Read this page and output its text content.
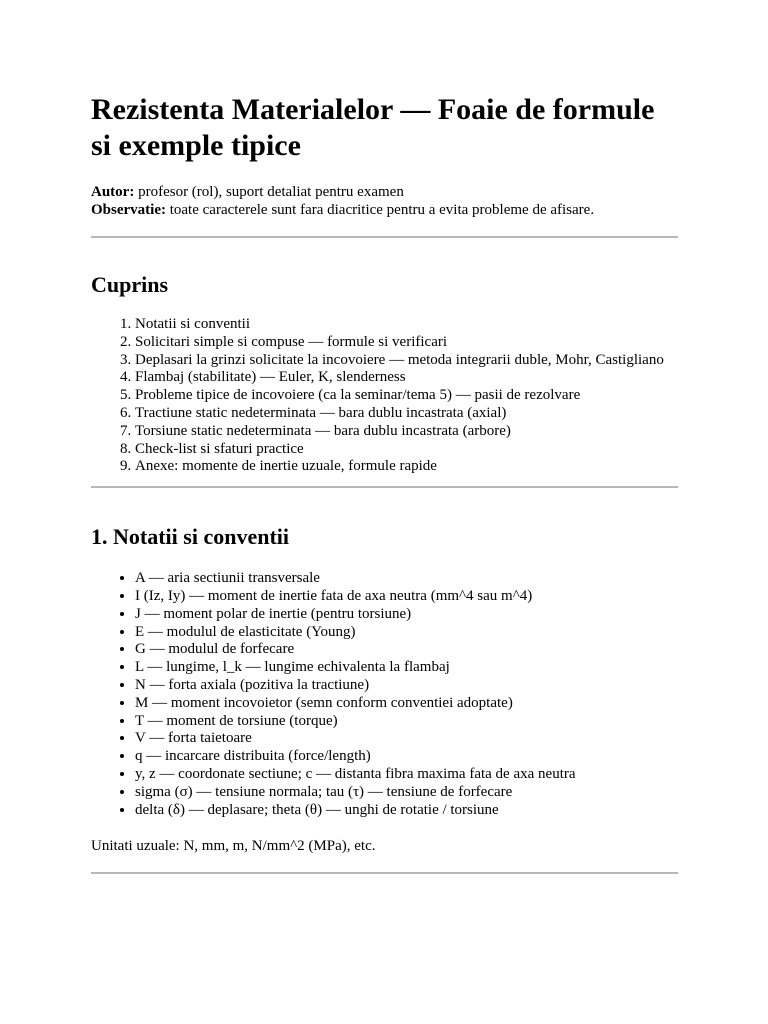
Rezistenta Materialelor — Foaie de formule si exemple tipice
Autor: profesor (rol), suport detaliat pentru examen
Observatie: toate caracterele sunt fara diacritice pentru a evita probleme de afisare.
Cuprins
1. Notatii si conventii
2. Solicitari simple si compuse — formule si verificari
3. Deplasari la grinzi solicitate la incovoiere — metoda integrarii duble, Mohr, Castigliano
4. Flambaj (stabilitate) — Euler, K, slenderness
5. Probleme tipice de incovoiere (ca la seminar/tema 5) — pasii de rezolvare
6. Tractiune static nedeterminata — bara dublu incastrata (axial)
7. Torsiune static nedeterminata — bara dublu incastrata (arbore)
8. Check-list si sfaturi practice
9. Anexe: momente de inertie uzuale, formule rapide
1. Notatii si conventii
• A — aria sectiunii transversale
• I (Iz, Iy) — moment de inertie fata de axa neutra (mm^4 sau m^4)
• J — moment polar de inertie (pentru torsiune)
• E — modulul de elasticitate (Young)
• G — modulul de forfecare
• L — lungime, l_k — lungime echivalenta la flambaj
• N — forta axiala (pozitiva la tractiune)
• M — moment incovoietor (semn conform conventiei adoptate)
• T — moment de torsiune (torque)
• V — forta taietoare
• q — incarcare distribuita (force/length)
• y, z — coordonate sectiune; c — distanta fibra maxima fata de axa neutra
• sigma (σ) — tensiune normala; tau (τ) — tensiune de forfecare
• delta (δ) — deplasare; theta (θ) — unghi de rotatie / torsiune

Unitati uzuale: N, mm, m, N/mm^2 (MPa), etc.
